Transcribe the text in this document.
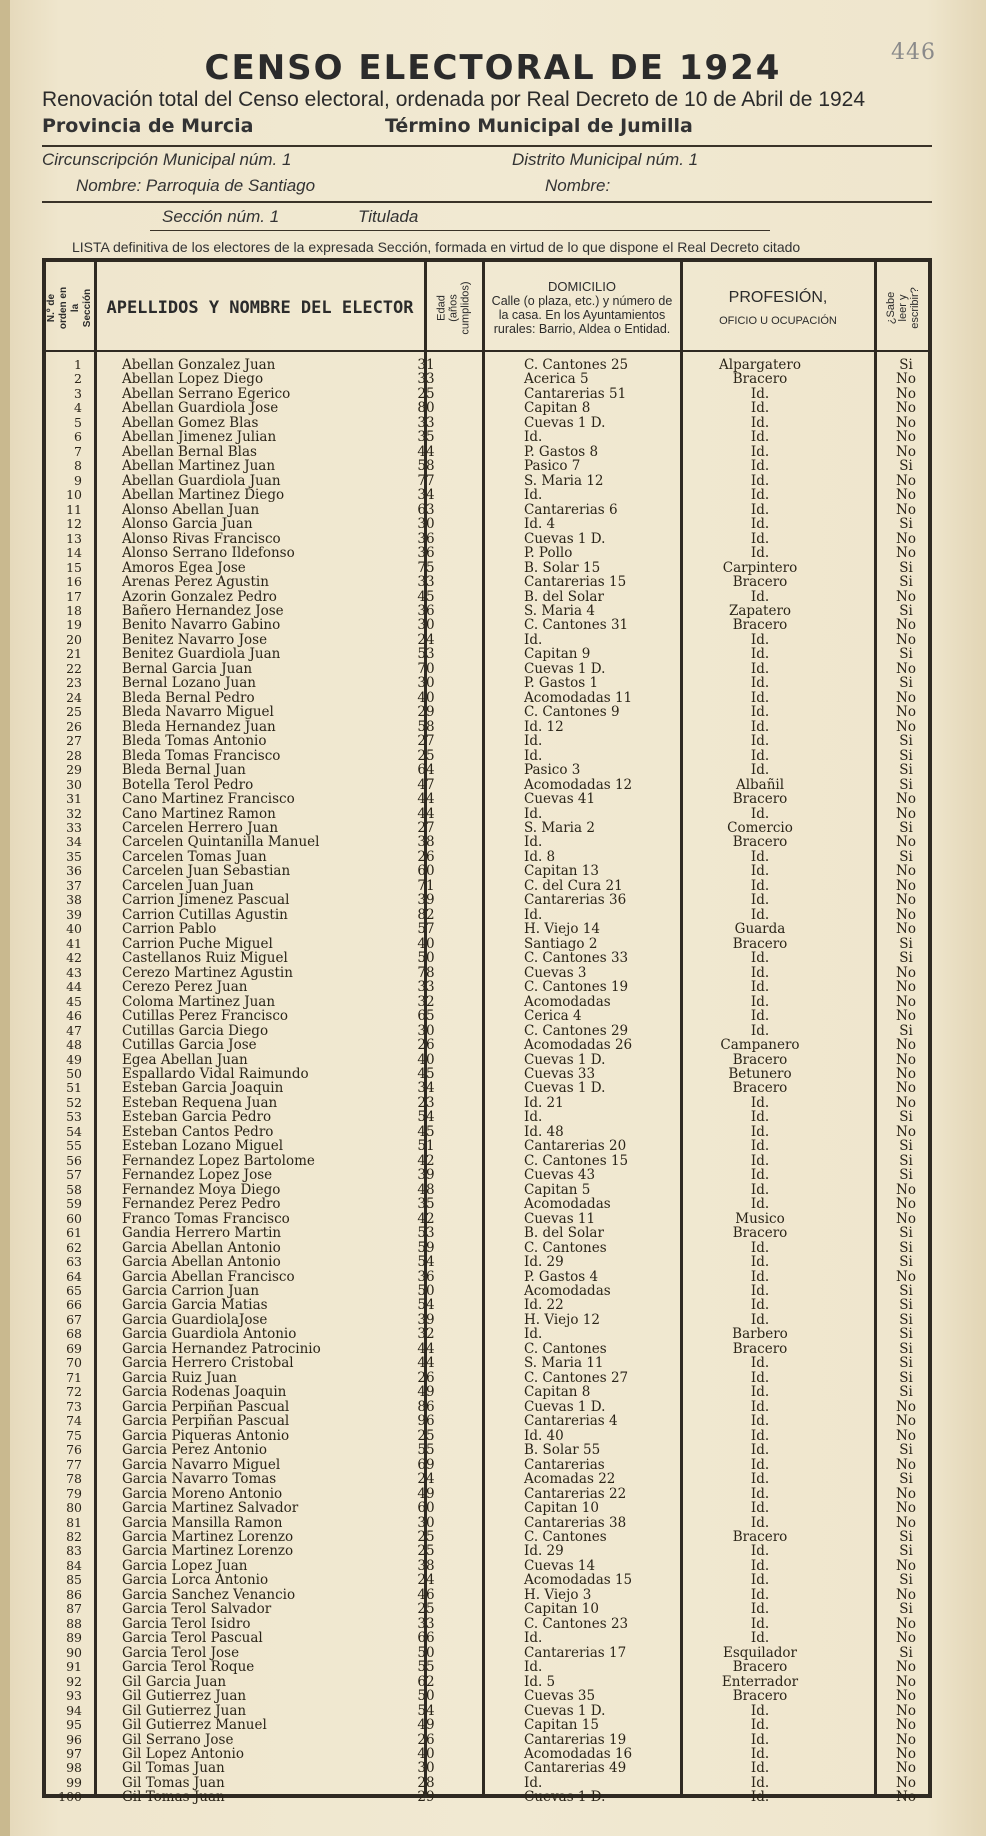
446
CENSO ELECTORAL DE 1924
Renovación total del Censo electoral, ordenada por Real Decreto de 10 de Abril de 1924
Provincia de Murcia	Término Municipal de Jumilla
Circunscripción Municipal núm. 1	Distrito Municipal núm. 1
Nombre: Parroquia de Santiago	Nombre:
Sección núm. 1	Titulada
LISTA definitiva de los electores de la expresada Sección, formada en virtud de lo que dispone el Real Decreto citado
N.º de orden en la Sección APELLIDOS Y NOMBRE DEL ELECTOR	Edad (años cumplidos)	DOMICILIO
Calle (o plaza, etc.) y número de la casa. En los Ayuntamientos rurales: Barrio, Aldea o Entidad.
PROFESIÓN,
OFICIO U OCUPACIÓN	¿Sabe leer y escribir?
1	Abellan Gonzalez Juan	31	C. Cantones 25	Alpargatero	Si
2	Abellan Lopez Diego	33	Acerica 5	Bracero	No
3	Abellan Serrano Egerico	25	Cantarerias 51	Id.	No
4	Abellan Guardiola Jose	80	Capitan 8	Id.	No
5	Abellan Gomez Blas	33	Cuevas 1 D.	Id.	No
6	Abellan Jimenez Julian	35	Id.	Id.	No
7	Abellan Bernal Blas	44	P. Gastos 8	Id.	No
8	Abellan Martinez Juan	58	Pasico 7	Id.	Si
9	Abellan Guardiola Juan	77	S. Maria 12	Id.	No
10	Abellan Martinez Diego	34	Id.	Id.	No
11	Alonso Abellan Juan	63	Cantarerias 6	Id.	No
12	Alonso Garcia Juan	30	Id. 4	Id.	Si
13	Alonso Rivas Francisco	36	Cuevas 1 D.	Id.	No
14	Alonso Serrano Ildefonso	36	P. Pollo	Id.	No
15	Amoros Egea Jose	75	B. Solar 15	Carpintero	Si
16	Arenas Perez Agustin	33	Cantarerias 15	Bracero	Si
17	Azorin Gonzalez Pedro	45	B. del Solar	Id.	No
18	Bañero Hernandez Jose	36	S. Maria 4	Zapatero	Si
19	Benito Navarro Gabino	30	C. Cantones 31	Bracero	No
20	Benitez Navarro Jose	24	Id.	Id.	No
21	Benitez Guardiola Juan	53	Capitan 9	Id.	Si
22	Bernal Garcia Juan	70	Cuevas 1 D.	Id.	No
23	Bernal Lozano Juan	30	P. Gastos 1	Id.	Si
24	Bleda Bernal Pedro	40	Acomodadas 11	Id.	No
25	Bleda Navarro Miguel	29	C. Cantones 9	Id.	No
26	Bleda Hernandez Juan	58	Id. 12	Id.	No
27	Bleda Tomas Antonio	27	Id.	Id.	Si
28	Bleda Tomas Francisco	25	Id.	Id.	Si
29	Bleda Bernal Juan	64	Pasico 3	Id.	Si
30	Botella Terol Pedro	47	Acomodadas 12	Albañil	Si
31	Cano Martinez Francisco	44	Cuevas 41	Bracero	No
32	Cano Martinez Ramon	44	Id.	Id.	No
33	Carcelen Herrero Juan	27	S. Maria 2	Comercio	Si
34	Carcelen Quintanilla Manuel	38	Id.	Bracero	No
35	Carcelen Tomas Juan	26	Id. 8	Id.	Si
36	Carcelen Juan Sebastian	60	Capitan 13	Id.	No
37	Carcelen Juan Juan	71	C. del Cura 21	Id.	No
38	Carrion Jimenez Pascual	39	Cantarerias 36	Id.	No
39	Carrion Cutillas Agustin	82	Id.	Id.	No
40	Carrion Pablo	57	H. Viejo 14	Guarda	No
41	Carrion Puche Miguel	40	Santiago 2	Bracero	Si
42	Castellanos Ruiz Miguel	50	C. Cantones 33	Id.	Si
43	Cerezo Martinez Agustin	78	Cuevas 3	Id.	No
44	Cerezo Perez Juan	33	C. Cantones 19	Id.	No
45	Coloma Martinez Juan	32	Acomodadas	Id.	No
46	Cutillas Perez Francisco	65	Cerica 4	Id.	No
47	Cutillas Garcia Diego	30	C. Cantones 29	Id.	Si
48	Cutillas Garcia Jose	26	Acomodadas 26	Campanero	No
49	Egea Abellan Juan	40	Cuevas 1 D.	Bracero	No
50	Espallardo Vidal Raimundo	45	Cuevas 33	Betunero	No
51	Esteban Garcia Joaquin	34	Cuevas 1 D.	Bracero	No
52	Esteban Requena Juan	23	Id. 21	Id.	No
53	Esteban Garcia Pedro	54	Id.	Id.	Si
54	Esteban Cantos Pedro	45	Id. 48	Id.	No
55	Esteban Lozano Miguel	51	Cantarerias 20	Id.	Si
56	Fernandez Lopez Bartolome	42	C. Cantones 15	Id.	Si
57	Fernandez Lopez Jose	39	Cuevas 43	Id.	Si
58	Fernandez Moya Diego	48	Capitan 5	Id.	No
59	Fernandez Perez Pedro	35	Acomodadas	Id.	No
60	Franco Tomas Francisco	42	Cuevas 11	Musico	No
61	Gandia Herrero Martin	53	B. del Solar	Bracero	Si
62	Garcia Abellan Antonio	59	C. Cantones	Id.	Si
63	Garcia Abellan Antonio	54	Id. 29	Id.	Si
64	Garcia Abellan Francisco	36	P. Gastos 4	Id.	No
65	Garcia Carrion Juan	50	Acomodadas	Id.	Si
66	Garcia Garcia Matias	54	Id. 22	Id.	Si
67	Garcia GuardiolaJose	39	H. Viejo 12	Id.	Si
68	Garcia Guardiola Antonio	32	Id.	Barbero	Si
69	Garcia Hernandez Patrocinio	44	C. Cantones	Bracero	Si
70	Garcia Herrero Cristobal	44	S. Maria 11	Id.	Si
71	Garcia Ruiz Juan	26	C. Cantones 27	Id.	Si
72	Garcia Rodenas Joaquin	49	Capitan 8	Id.	Si
73	Garcia Perpiñan Pascual	86	Cuevas 1 D.	Id.	No
74	Garcia Perpiñan Pascual	96	Cantarerias 4	Id.	No
75	Garcia Piqueras Antonio	25	Id. 40	Id.	No
76	Garcia Perez Antonio	55	B. Solar 55	Id.	Si
77	Garcia Navarro Miguel	69	Cantarerias	Id.	No
78	Garcia Navarro Tomas	24	Acomadas 22	Id.	Si
79	Garcia Moreno Antonio	49	Cantarerias 22	Id.	No
80	Garcia Martinez Salvador	60	Capitan 10	Id.	No
81	Garcia Mansilla Ramon	30	Cantarerias 38	Id.	No
82	Garcia Martinez Lorenzo	25	C. Cantones	Bracero	Si
83	Garcia Martinez Lorenzo	25	Id. 29	Id.	Si
84	Garcia Lopez Juan	38	Cuevas 14	Id.	No
85	Garcia Lorca Antonio	24	Acomodadas 15	Id.	Si
86	Garcia Sanchez Venancio	46	H. Viejo 3	Id.	No
87	Garcia Terol Salvador	25	Capitan 10	Id.	Si
88	Garcia Terol Isidro	33	C. Cantones 23	Id.	No
89	Garcia Terol Pascual	66	Id.	Id.	No
90	Garcia Terol Jose	50	Cantarerias 17	Esquilador	Si
91	Garcia Terol Roque	55	Id.	Bracero	No
92	Gil Garcia Juan	62	Id. 5	Enterrador	No
93	Gil Gutierrez Juan	50	Cuevas 35	Bracero	No
94	Gil Gutierrez Juan	54	Cuevas 1 D.	Id.	No
95	Gil Gutierrez Manuel	49	Capitan 15	Id.	No
96	Gil Serrano Jose	26	Cantarerias 19	Id.	No
97	Gil Lopez Antonio	40	Acomodadas 16	Id.	No
98	Gil Tomas Juan	30	Cantarerias 49	Id.	No
99	Gil Tomas Juan	28	Id.	Id.	No
100	Gil Tomas Juan	29	Cuevas 1 D.	Id.	No
